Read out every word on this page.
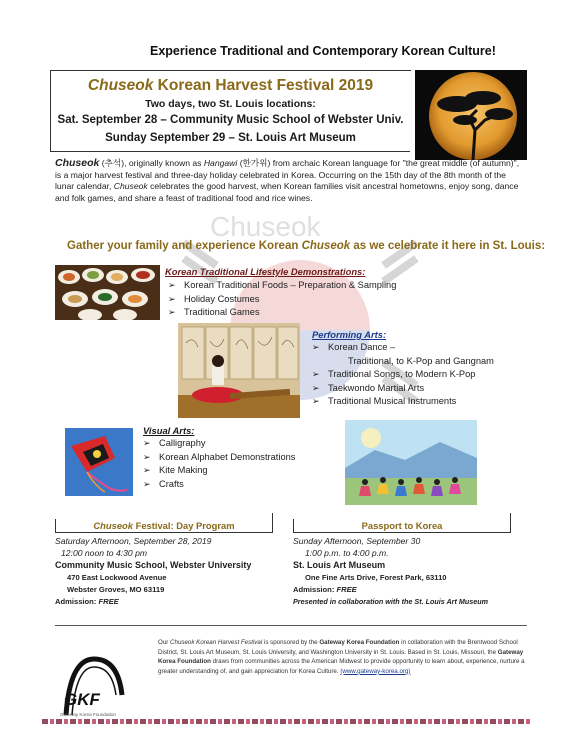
Experience Traditional and Contemporary Korean Culture!
Chuseok Korean Harvest Festival 2019
Two days, two St. Louis locations:
Sat. September 28 – Community Music School of Webster Univ.
Sunday September 29 – St. Louis Art Museum
Chuseok (추석), originally known as Hangawi (한가위) from archaic Korean language for "the great middle (of autumn)", is a major harvest festival and three-day holiday celebrated in Korea. Occurring on the 15th day of the 8th month of the lunar calendar, Chuseok celebrates the good harvest, when Korean families visit ancestral hometowns, enjoy song, dance and folk games, and share a feast of traditional food and rice wines.
Chuseok
Gather your family and experience Korean Chuseok as we celebrate it here in St. Louis:
Korean Traditional Lifestyle Demonstrations:
➢ Korean Traditional Foods – Preparation & Sampling
➢ Holiday Costumes
➢ Traditional Games
Performing Arts:
➢ Korean Dance –
Traditional, to K-Pop and Gangnam
➢ Traditional Songs, to Modern K-Pop
➢ Taekwondo Martial Arts
➢ Traditional Musical Instruments
Visual Arts:
➢ Calligraphy
➢ Korean Alphabet Demonstrations
➢ Kite Making
➢ Crafts
Chuseok Festival: Day Program
Saturday Afternoon, September 28, 2019
12:00 noon to 4:30 pm
Community Music School, Webster University
470 East Lockwood Avenue
Webster Groves, MO 63119
Admission: FREE
Passport to Korea
Sunday Afternoon, September 30
1:00 p.m. to 4:00 p.m.
St. Louis Art Museum
One Fine Arts Drive, Forest Park, 63110
Admission: FREE
Presented in collaboration with the St. Louis Art Museum
GKF
Gateway Korea Foundation
Our Chuseok Korean Harvest Festival is sponsored by the Gateway Korea Foundation in collaboration with the Brentwood School District, St. Louis Art Museum, St. Louis University, and Washington University in St. Louis. Based in St. Louis, Missouri, the Gateway Korea Foundation draws from communities across the American Midwest to provide opportunity to learn about, experience, nurture a greater understanding of, and gain appreciation for Korea Culture. (www.gateway-korea.org)
